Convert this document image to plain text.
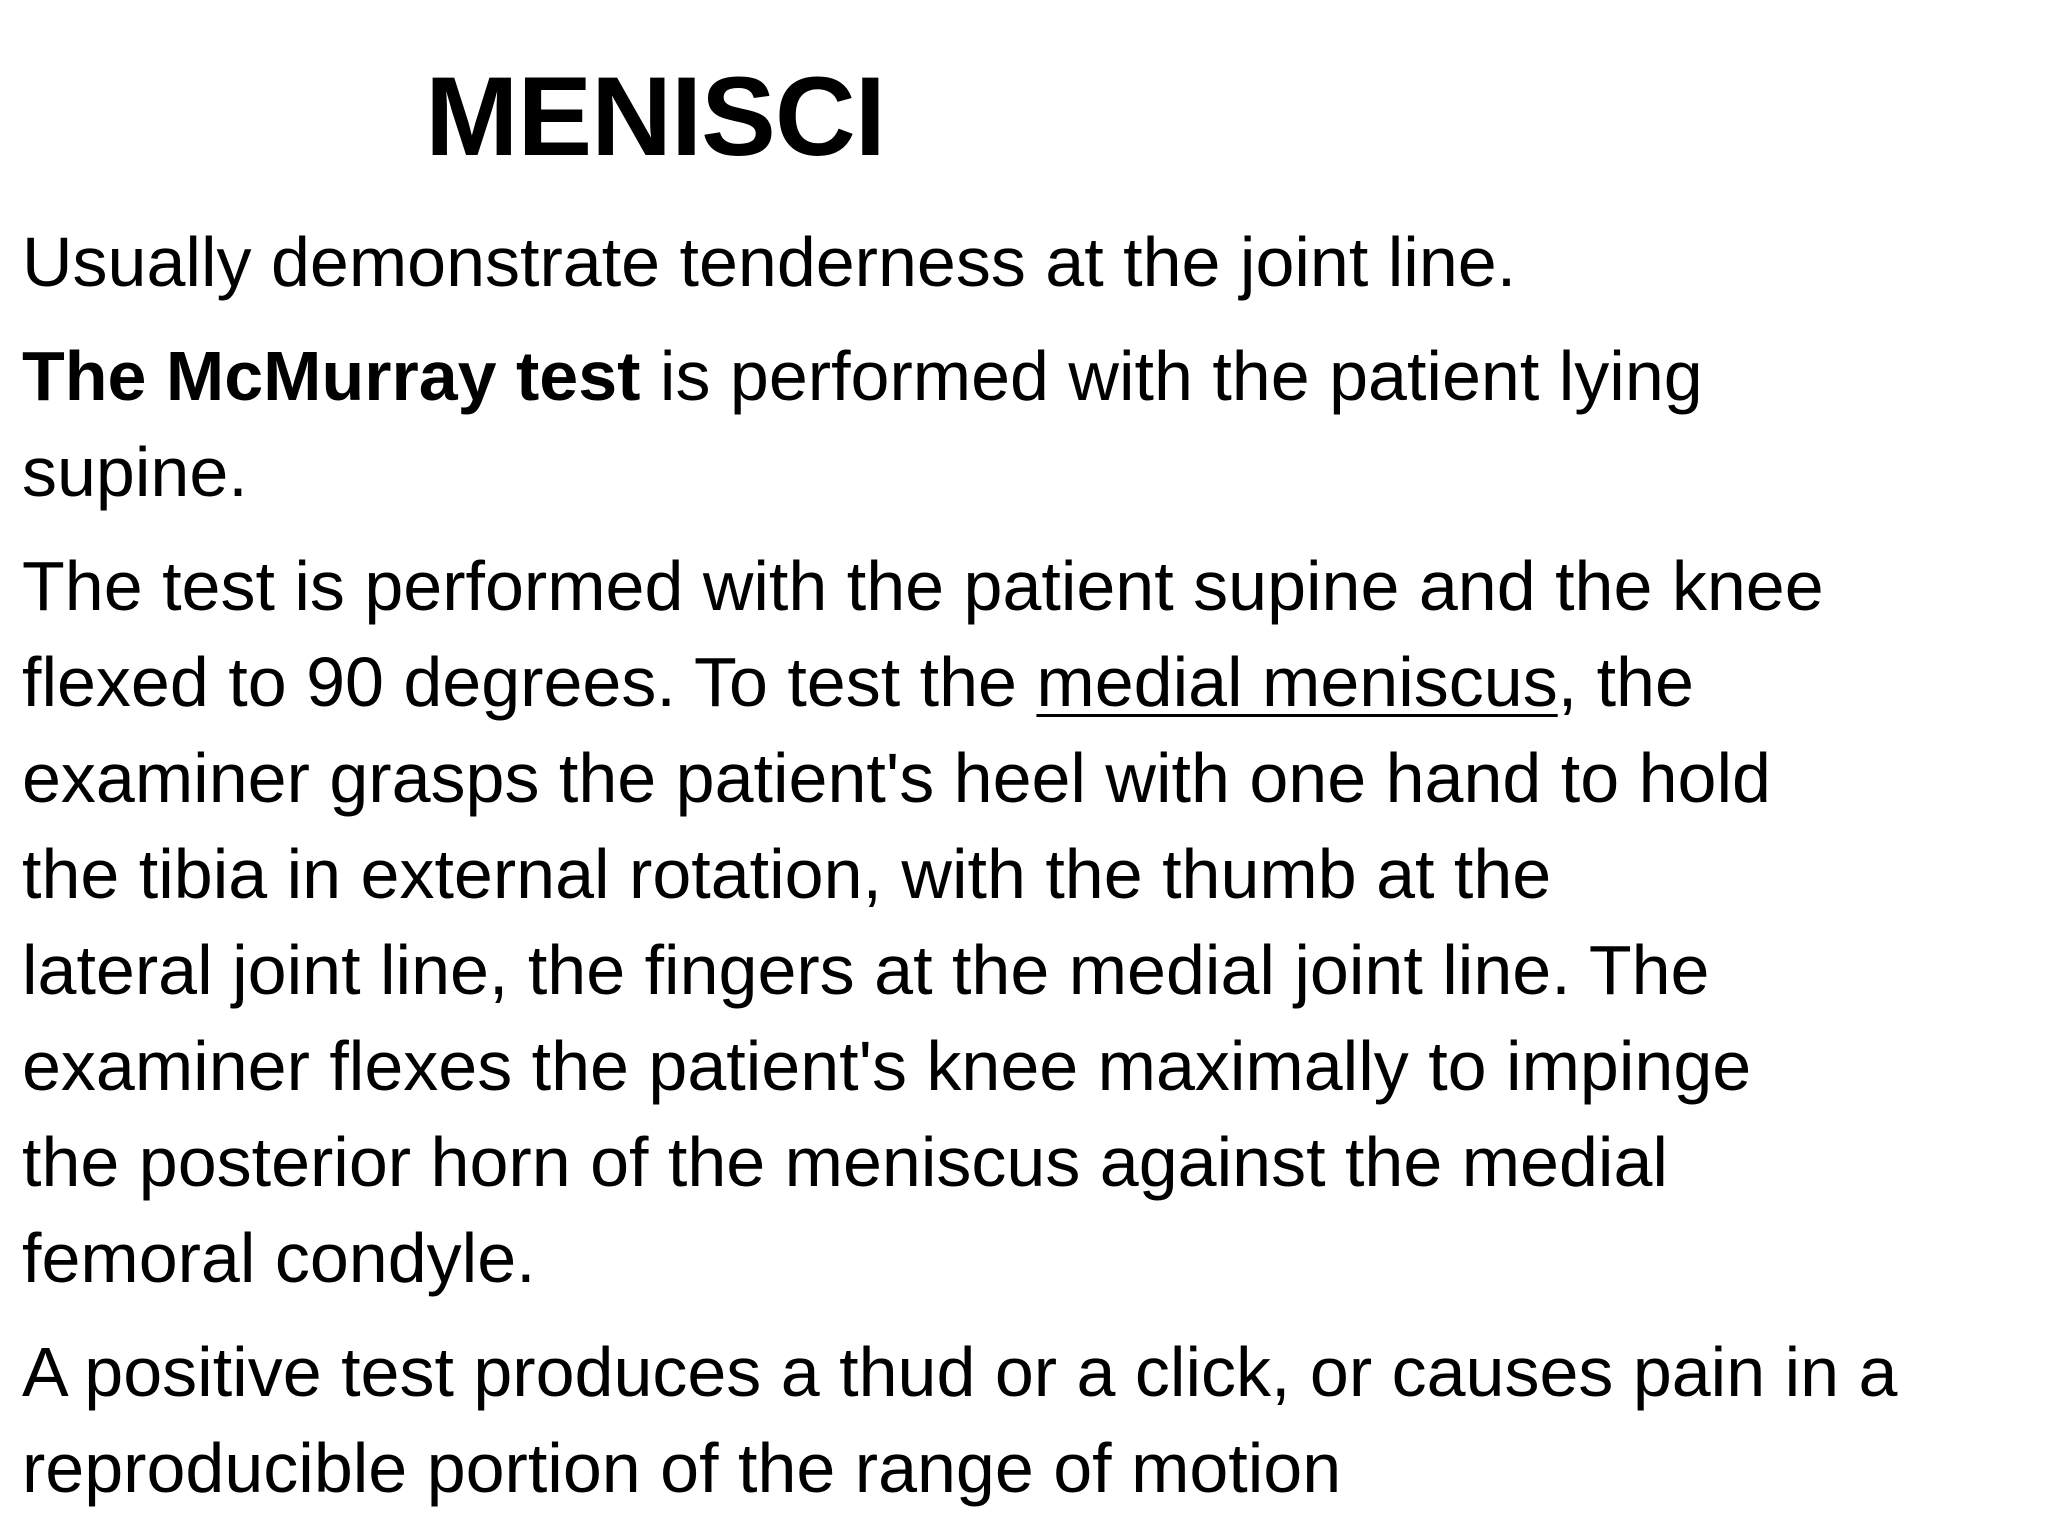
MENISCI

Usually demonstrate tenderness at the joint line.

The McMurray test is performed with the patient lying
supine.

The test is performed with the patient supine and the knee
flexed to 90 degrees. To test the medial meniscus, the
examiner grasps the patient's heel with one hand to hold
the tibia in external rotation, with the thumb at the
lateral joint line, the fingers at the medial joint line. The
examiner flexes the patient's knee maximally to impinge
the posterior horn of the meniscus against the medial
femoral condyle.

A positive test produces a thud or a click, or causes pain in a
reproducible portion of the range of motion
